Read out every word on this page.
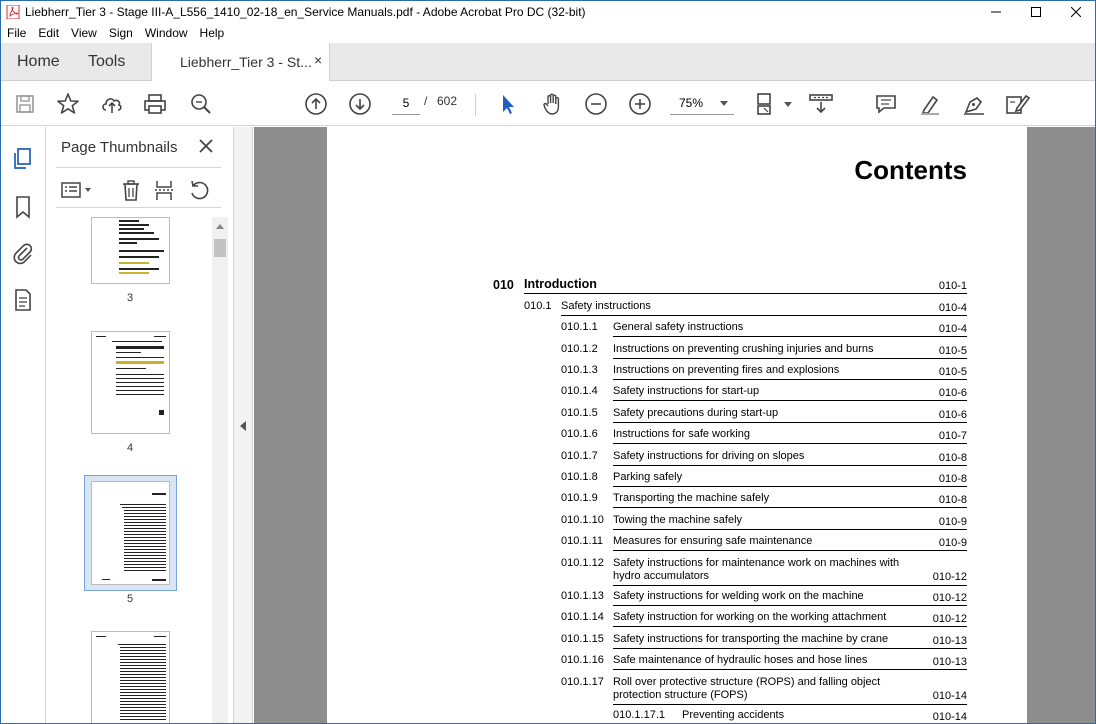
Liebherr_Tier 3 - Stage III-A_L556_1410_02-18_en_Service Manuals.pdf - Adobe Acrobat Pro DC (32-bit)
File	Edit	View	Sign	Window	Help
Home Tools	Liebherr_Tier 3 - St... ×
5	/ 602	75%
Page Thumbnails
3
4
5
Contents
010 Introduction	010-1
010.1 Safety instructions	010-4
010.1.1 General safety instructions	010-4
010.1.2 Instructions on preventing crushing injuries and burns	010-5
010.1.3 Instructions on preventing fires and explosions	010-5
010.1.4 Safety instructions for start-up	010-6
010.1.5 Safety precautions during start-up	010-6
010.1.6 Instructions for safe working	010-7
010.1.7 Safety instructions for driving on slopes	010-8
010.1.8 Parking safely	010-8
010.1.9 Transporting the machine safely	010-8
010.1.10 Towing the machine safely	010-9
010.1.11 Measures for ensuring safe maintenance	010-9
010.1.12 Safety instructions for maintenance work on machines with hydro accumulators	010-12
010.1.13 Safety instructions for welding work on the machine	010-12
010.1.14 Safety instruction for working on the working attachment	010-12
010.1.15 Safety instructions for transporting the machine by crane	010-13
010.1.16 Safe maintenance of hydraulic hoses and hose lines	010-13
010.1.17 Roll over protective structure (ROPS) and falling object protection structure (FOPS)	010-14
010.1.17.1 Preventing accidents	010-14
